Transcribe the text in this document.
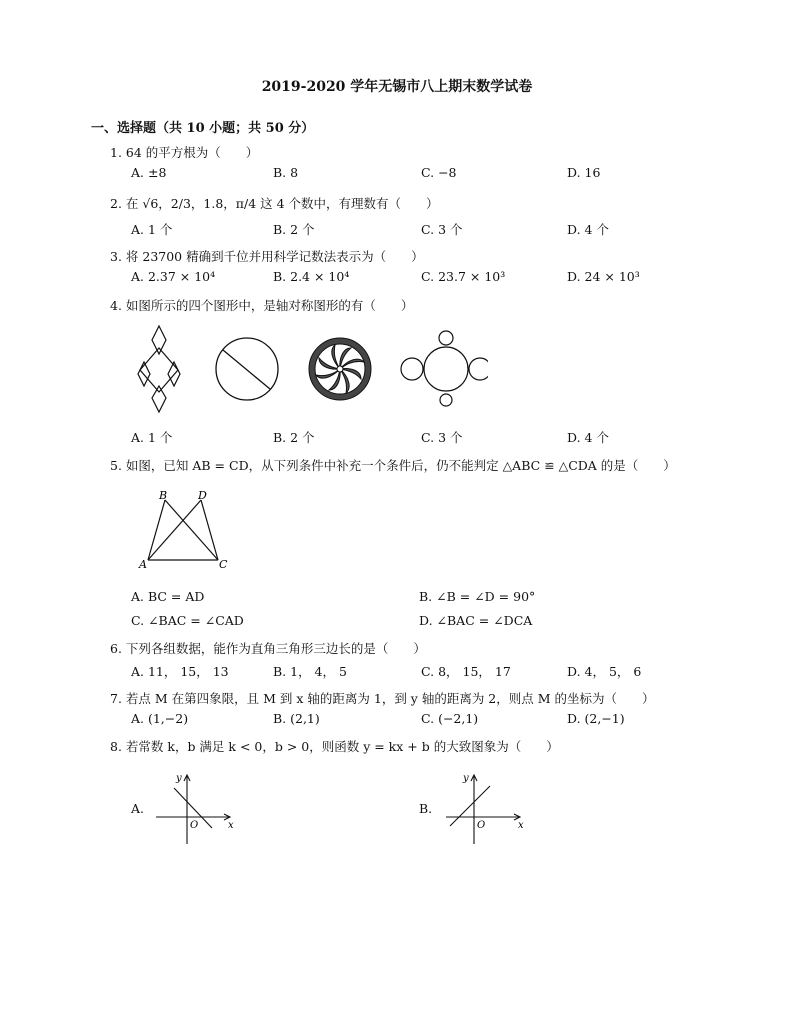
2019-2020 学年无锡市八上期末数学试卷
一、选择题（共 10 小题；共 50 分）
1. 64 的平方根为（　　）
A. ±8	B. 8	C. −8	D. 16
2. 在 √6，2/3，1.8，π/4 这 4 个数中，有理数有（　　）
A. 1 个	B. 2 个	C. 3 个	D. 4 个
3. 将 23700 精确到千位并用科学记数法表示为（　　）
A. 2.37 × 10⁴	B. 2.4 × 10⁴	C. 23.7 × 10³	D. 24 × 10³
4. 如图所示的四个图形中，是轴对称图形的有（　　）
A. 1 个	B. 2 个	C. 3 个	D. 4 个
5. 如图，已知 AB = CD，从下列条件中补充一个条件后，仍不能判定 △ABC ≌ △CDA 的是（　　）
B	D
A	C
A. BC = AD	B. ∠B = ∠D = 90°
C. ∠BAC = ∠CAD	D. ∠BAC = ∠DCA
6. 下列各组数据，能作为直角三角形三边长的是（　　）
A. 11， 15， 13	B. 1， 4， 5	C. 8， 15， 17	D. 4， 5， 6
7. 若点 M 在第四象限，且 M 到 x 轴的距离为 1，到 y 轴的距离为 2，则点 M 的坐标为（　　）
A. (1,−2)	B. (2,1)	C. (−2,1)	D. (2,−1)
8. 若常数 k，b 满足 k < 0，b > 0，则函数 y = kx + b 的大致图象为（　　）
A.
y
O	x
B.
y
O	x
